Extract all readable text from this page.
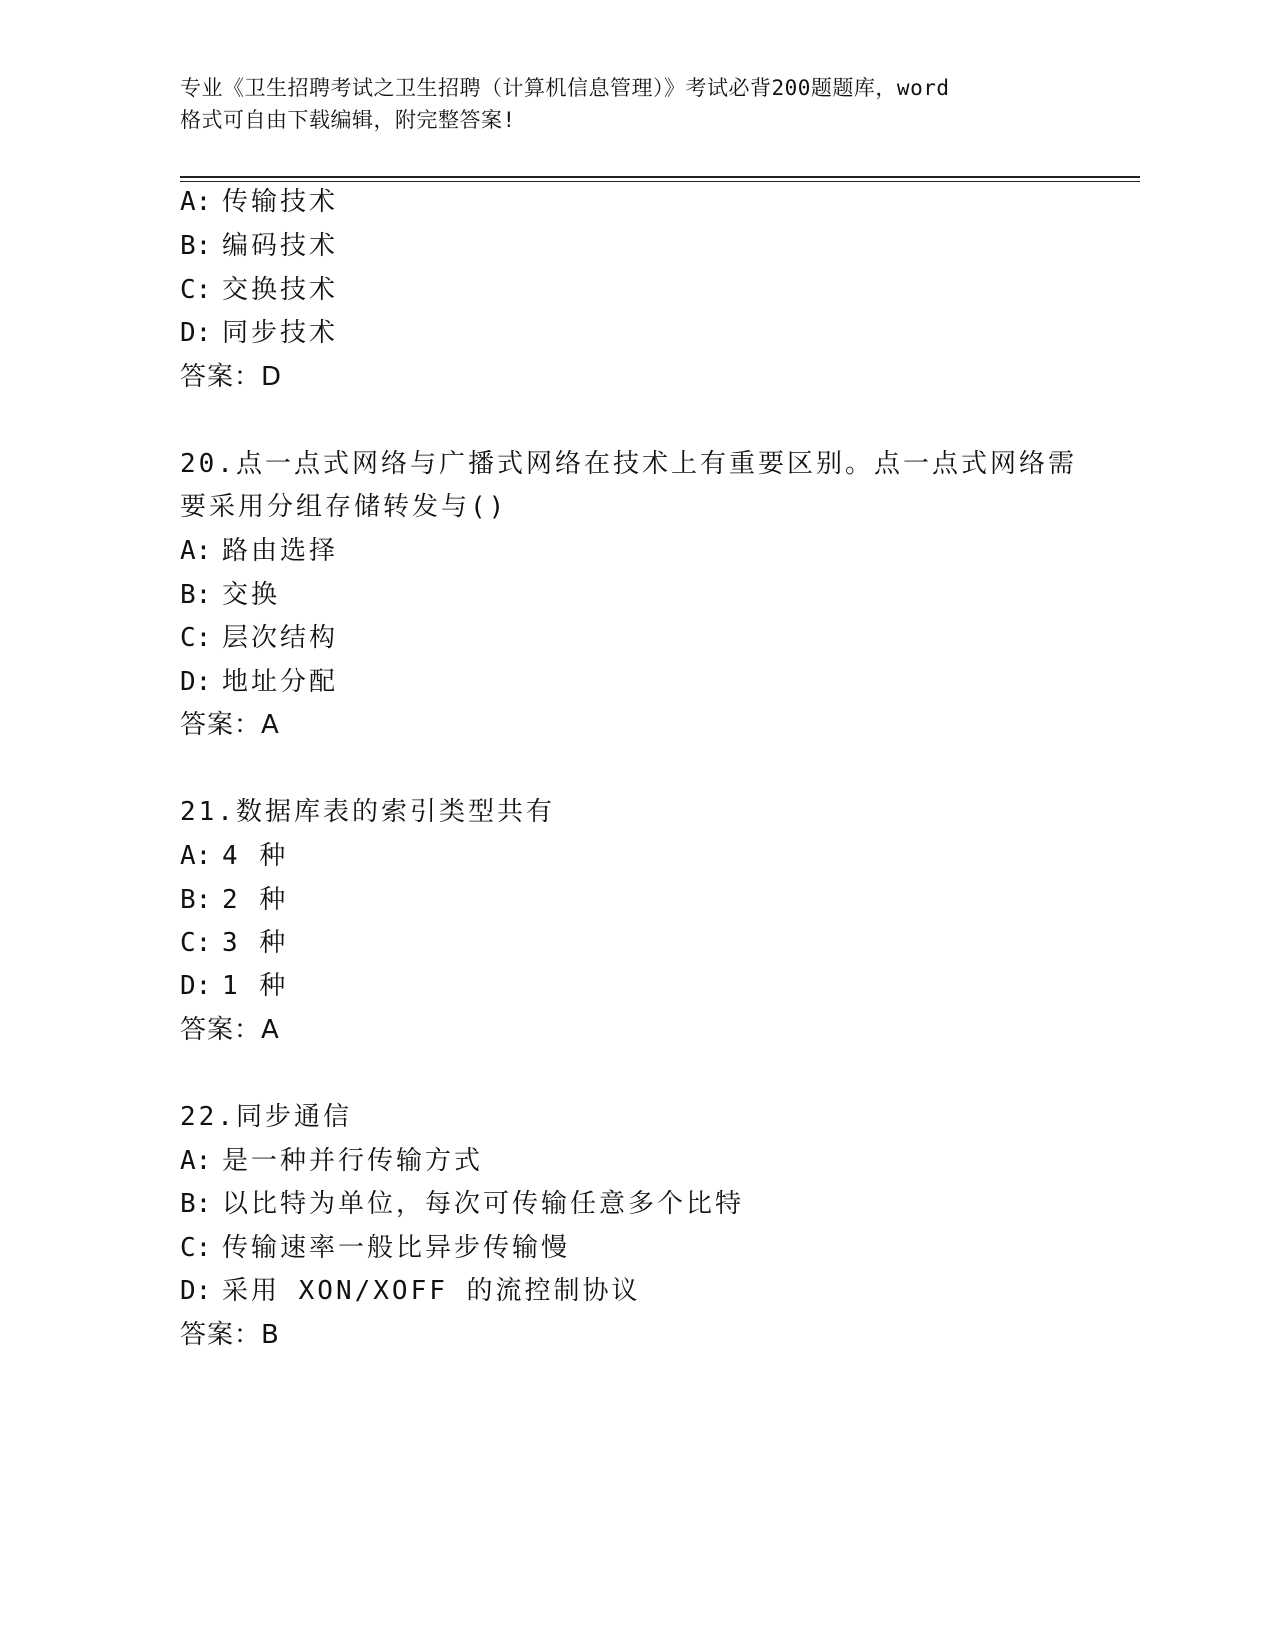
专业《卫生招聘考试之卫生招聘（计算机信息管理）》考试必背200题题库，word
格式可自由下载编辑，附完整答案!
A: 传输技术
B: 编码技术
C: 交换技术
D: 同步技术
答案：D
20.点一点式网络与广播式网络在技术上有重要区别。点一点式网络需
要采用分组存储转发与()
A: 路由选择
B: 交换
C: 层次结构
D: 地址分配
答案：A
21.数据库表的索引类型共有
A: 4 种
B: 2 种
C: 3 种
D: 1 种
答案：A
22.同步通信
A: 是一种并行传输方式
B: 以比特为单位，每次可传输任意多个比特
C: 传输速率一般比异步传输慢
D: 采用 XON/XOFF 的流控制协议
答案：B
